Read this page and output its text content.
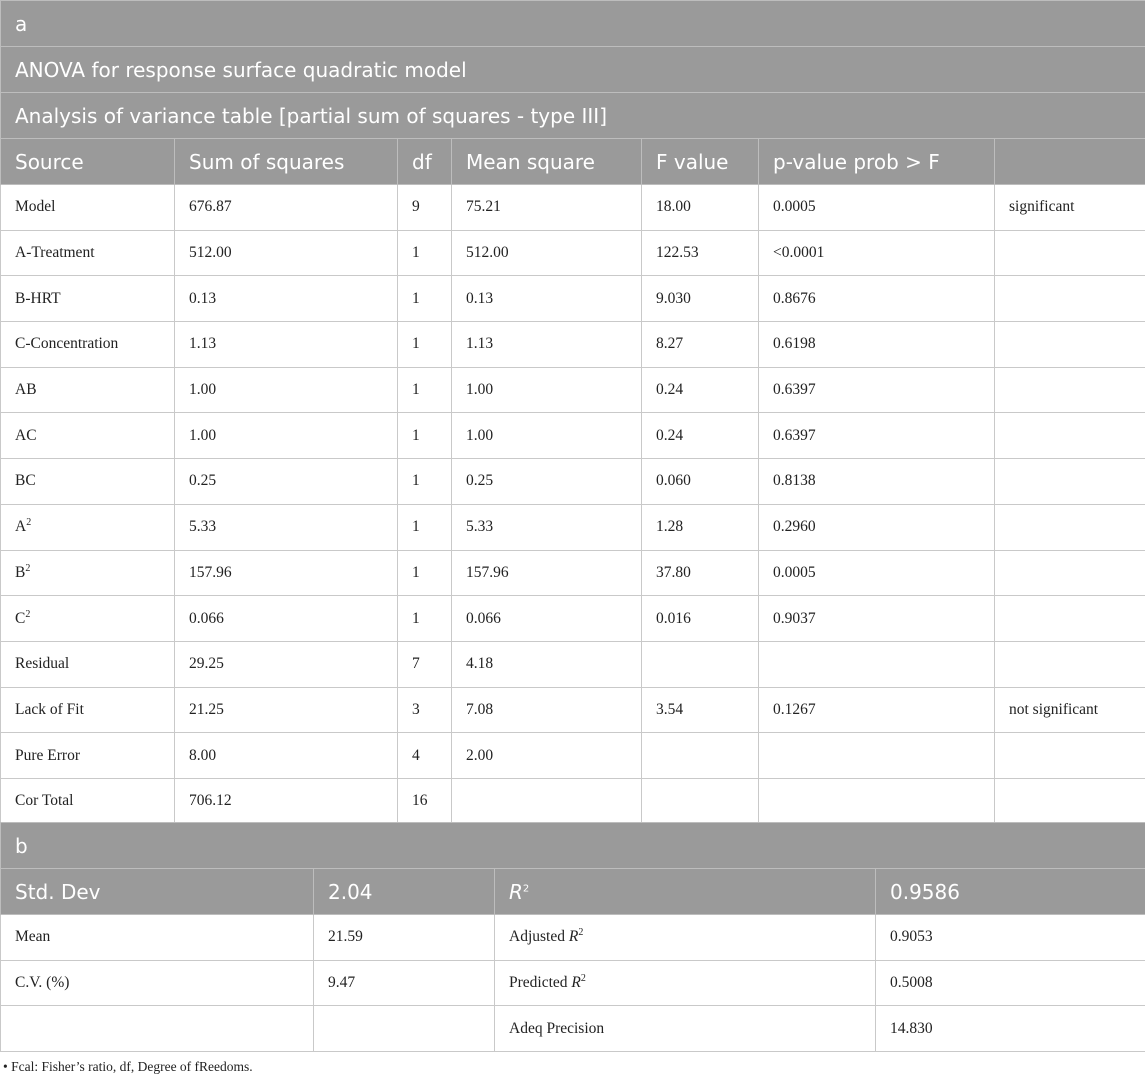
a						
ANOVA for response surface quadratic model						
Analysis of variance table [partial sum of squares - type III]						
Source	Sum of squares	df	Mean square	F value	p-value prob > F	
Model	676.87	9	75.21	18.00	0.0005	significant
A-Treatment	512.00	1	512.00	122.53	<0.0001	
B-HRT	0.13	1	0.13	9.030	0.8676	
C-Concentration	1.13	1	1.13	8.27	0.6198	
AB	1.00	1	1.00	0.24	0.6397	
AC	1.00	1	1.00	0.24	0.6397	
BC	0.25	1	0.25	0.060	0.8138	
$A^2$	5.33	1	5.33	1.28	0.2960	
$B^2$	157.96	1	157.96	37.80	0.0005	
$C^2$	0.066	1	0.066	0.016	0.9037	
Residual	29.25	7	4.18			
Lack of Fit	21.25	3	7.08	3.54	0.1267	not significant
Pure Error	8.00	4	2.00			
Cor Total	706.12	16				
b			
Std. Dev	2.04	$R^2$	0.9586
Mean	21.59	Adjusted $R^2$	0.9053
C.V. (%)	9.47	Predicted $R^2$	0.5008
		Adeq Precision	14.830
• Fcal: Fisher’s ratio, df, Degree of fReedoms.
